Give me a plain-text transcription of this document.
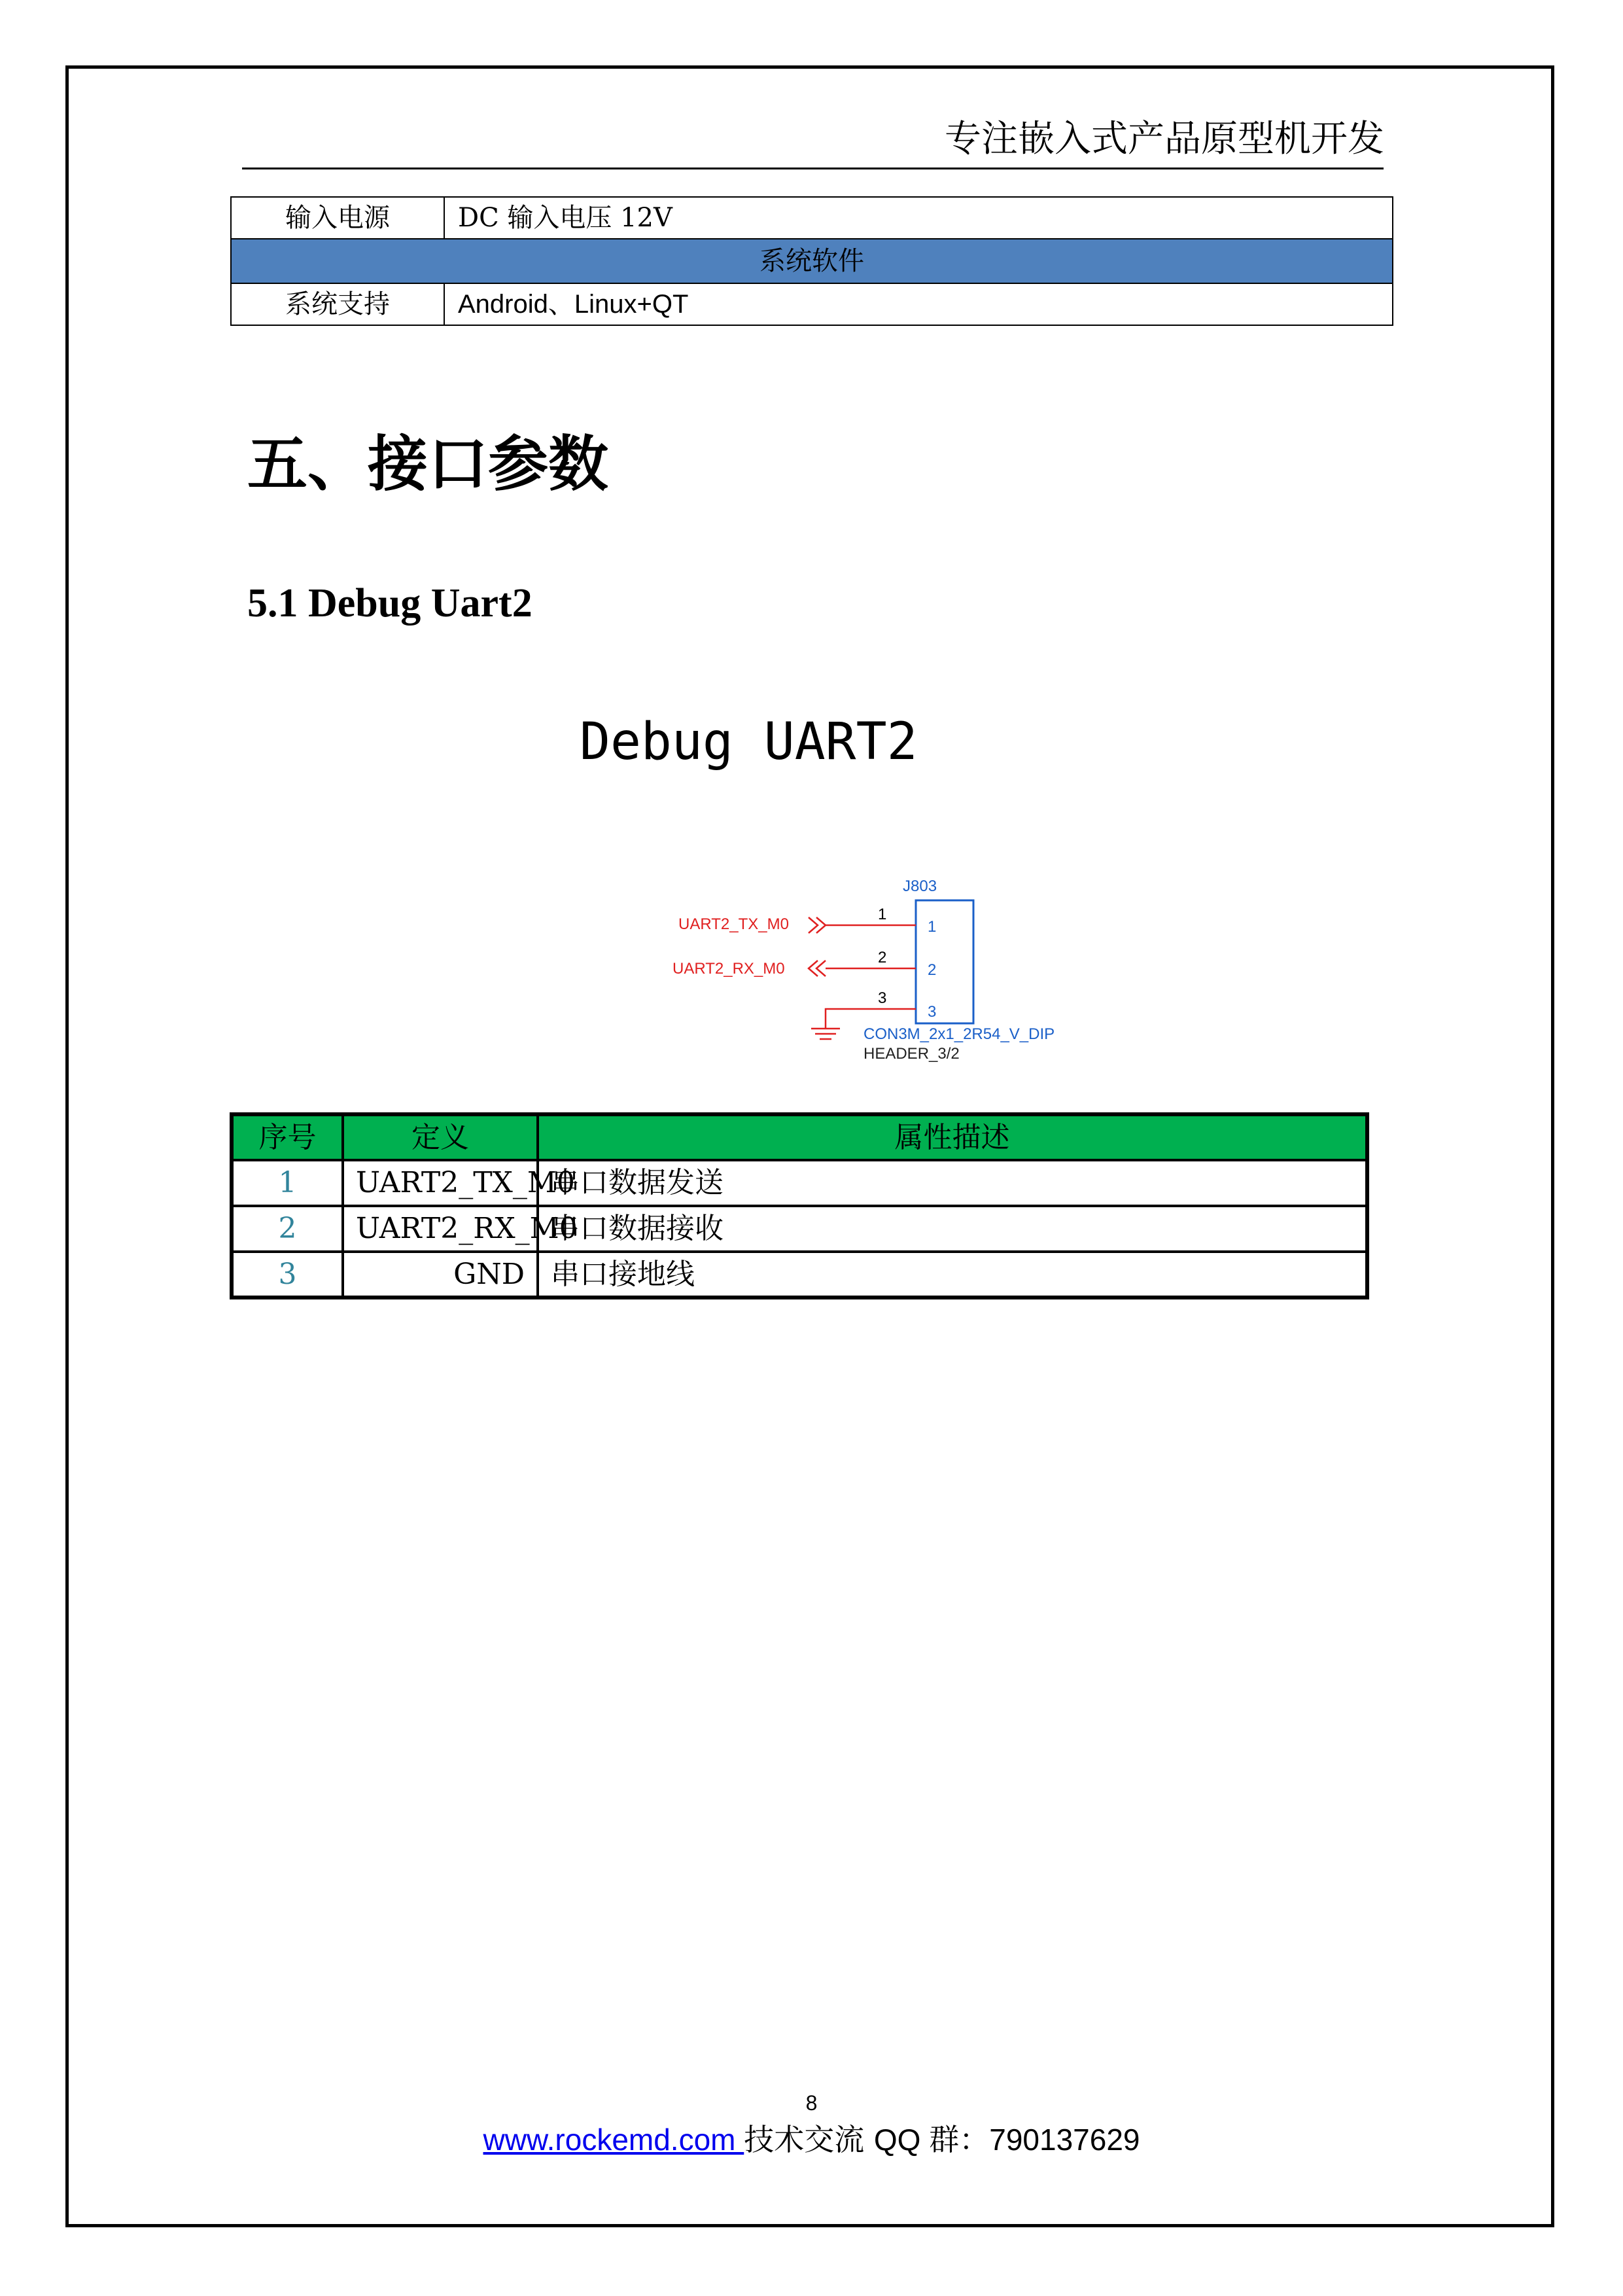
专注嵌入式产品原型机开发
输入电源	DC 输入电压 12V
系统软件	
系统支持	Android、Linux+QT
五、接口参数
5.1 Debug Uart2
Debug UART2
J803
UART2_TX_M0
1
1
UART2_RX_M0
2
2
3
3
CON3M_2x1_2R54_V_DIP
HEADER_3/2
序号	定义	属性描述
1	UART2_TX_M0	串口数据发送
2	UART2_RX_M0	串口数据接收
3	GND	串口接地线
8
www.rockemd.com 技术交流 QQ 群：790137629
